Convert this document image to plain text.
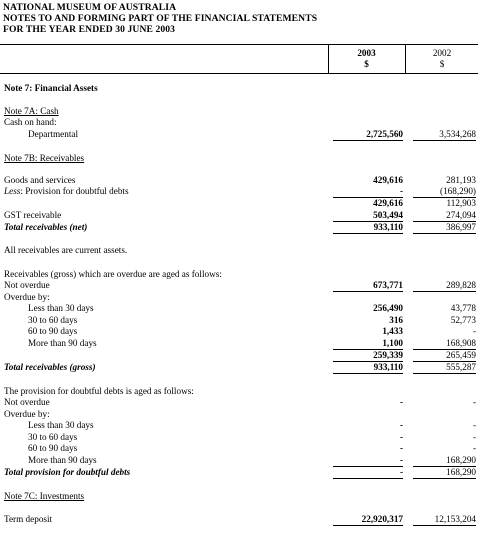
NATIONAL MUSEUM OF AUSTRALIA
NOTES TO AND FORMING PART OF THE FINANCIAL STATEMENTS
FOR THE YEAR ENDED 30 JUNE 2003
2003
$
2002
$
Note 7: Financial Assets
Note 7A: Cash
Cash on hand:
Departmental	2,725,560	3,534,268
Note 7B: Receivables
Goods and services	429,616	281,193
Less: Provision for doubtful debts	-	(168,290)
429,616	112,903
GST receivable	503,494	274,094
Total receivables (net)	933,110	386,997
All receivables are current assets.
Receivables (gross) which are overdue are aged as follows:
Not overdue	673,771	289,828
Overdue by:
Less than 30 days	256,490	43,778
30 to 60 days	316	52,773
60 to 90 days	1,433	-
More than 90 days	1,100	168,908
259,339	265,459
Total receivables (gross)	933,110	555,287
The provision for doubtful debts is aged as follows:
Not overdue	-	-
Overdue by:
Less than 30 days	-	-
30 to 60 days	-	-
60 to 90 days	-	-
More than 90 days	-	168,290
Total provision for doubtful debts	-	168,290
Note 7C: Investments
Term deposit	22,920,317	12,153,204
